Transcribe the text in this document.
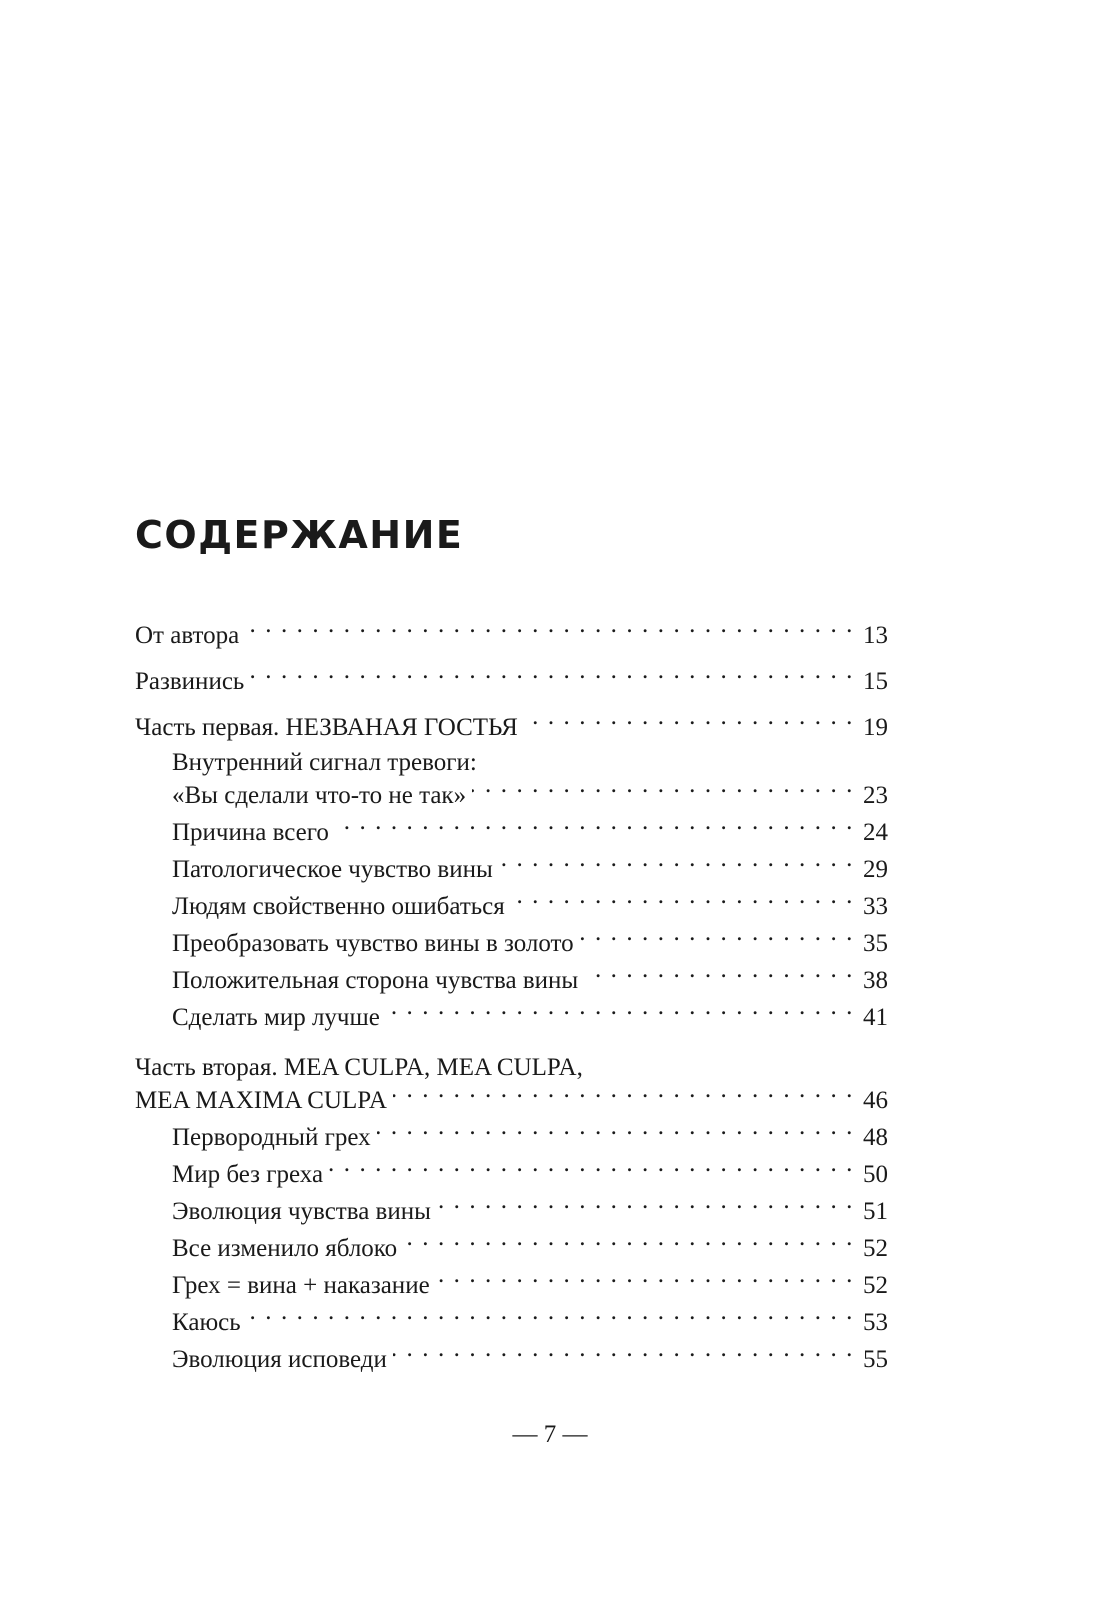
СОДЕРЖАНИЕ
От автора . . .	13
Развинись . . .	15
Часть первая. НЕЗВАНАЯ ГОСТЬЯ . . .	19
Внутренний сигнал тревоги:
«Вы сделали что-то не так» . . .	23
Причина всего . . .	24
Патологическое чувство вины . . .	29
Людям свойственно ошибаться . . .	33
Преобразовать чувство вины в золото . . .	35
Положительная сторона чувства вины . . .	38
Сделать мир лучше . . .	41
Часть вторая. MEA CULPA, MEA CULPA,
MEA MAXIMA CULPA . . .	46
Первородный грех . . .	48
Мир без греха . . .	50
Эволюция чувства вины . . .	51
Все изменило яблоко . . .	52
Грех = вина + наказание . . .	52
Каюсь . . .	53
Эволюция исповеди . . .	55
— 7 —
